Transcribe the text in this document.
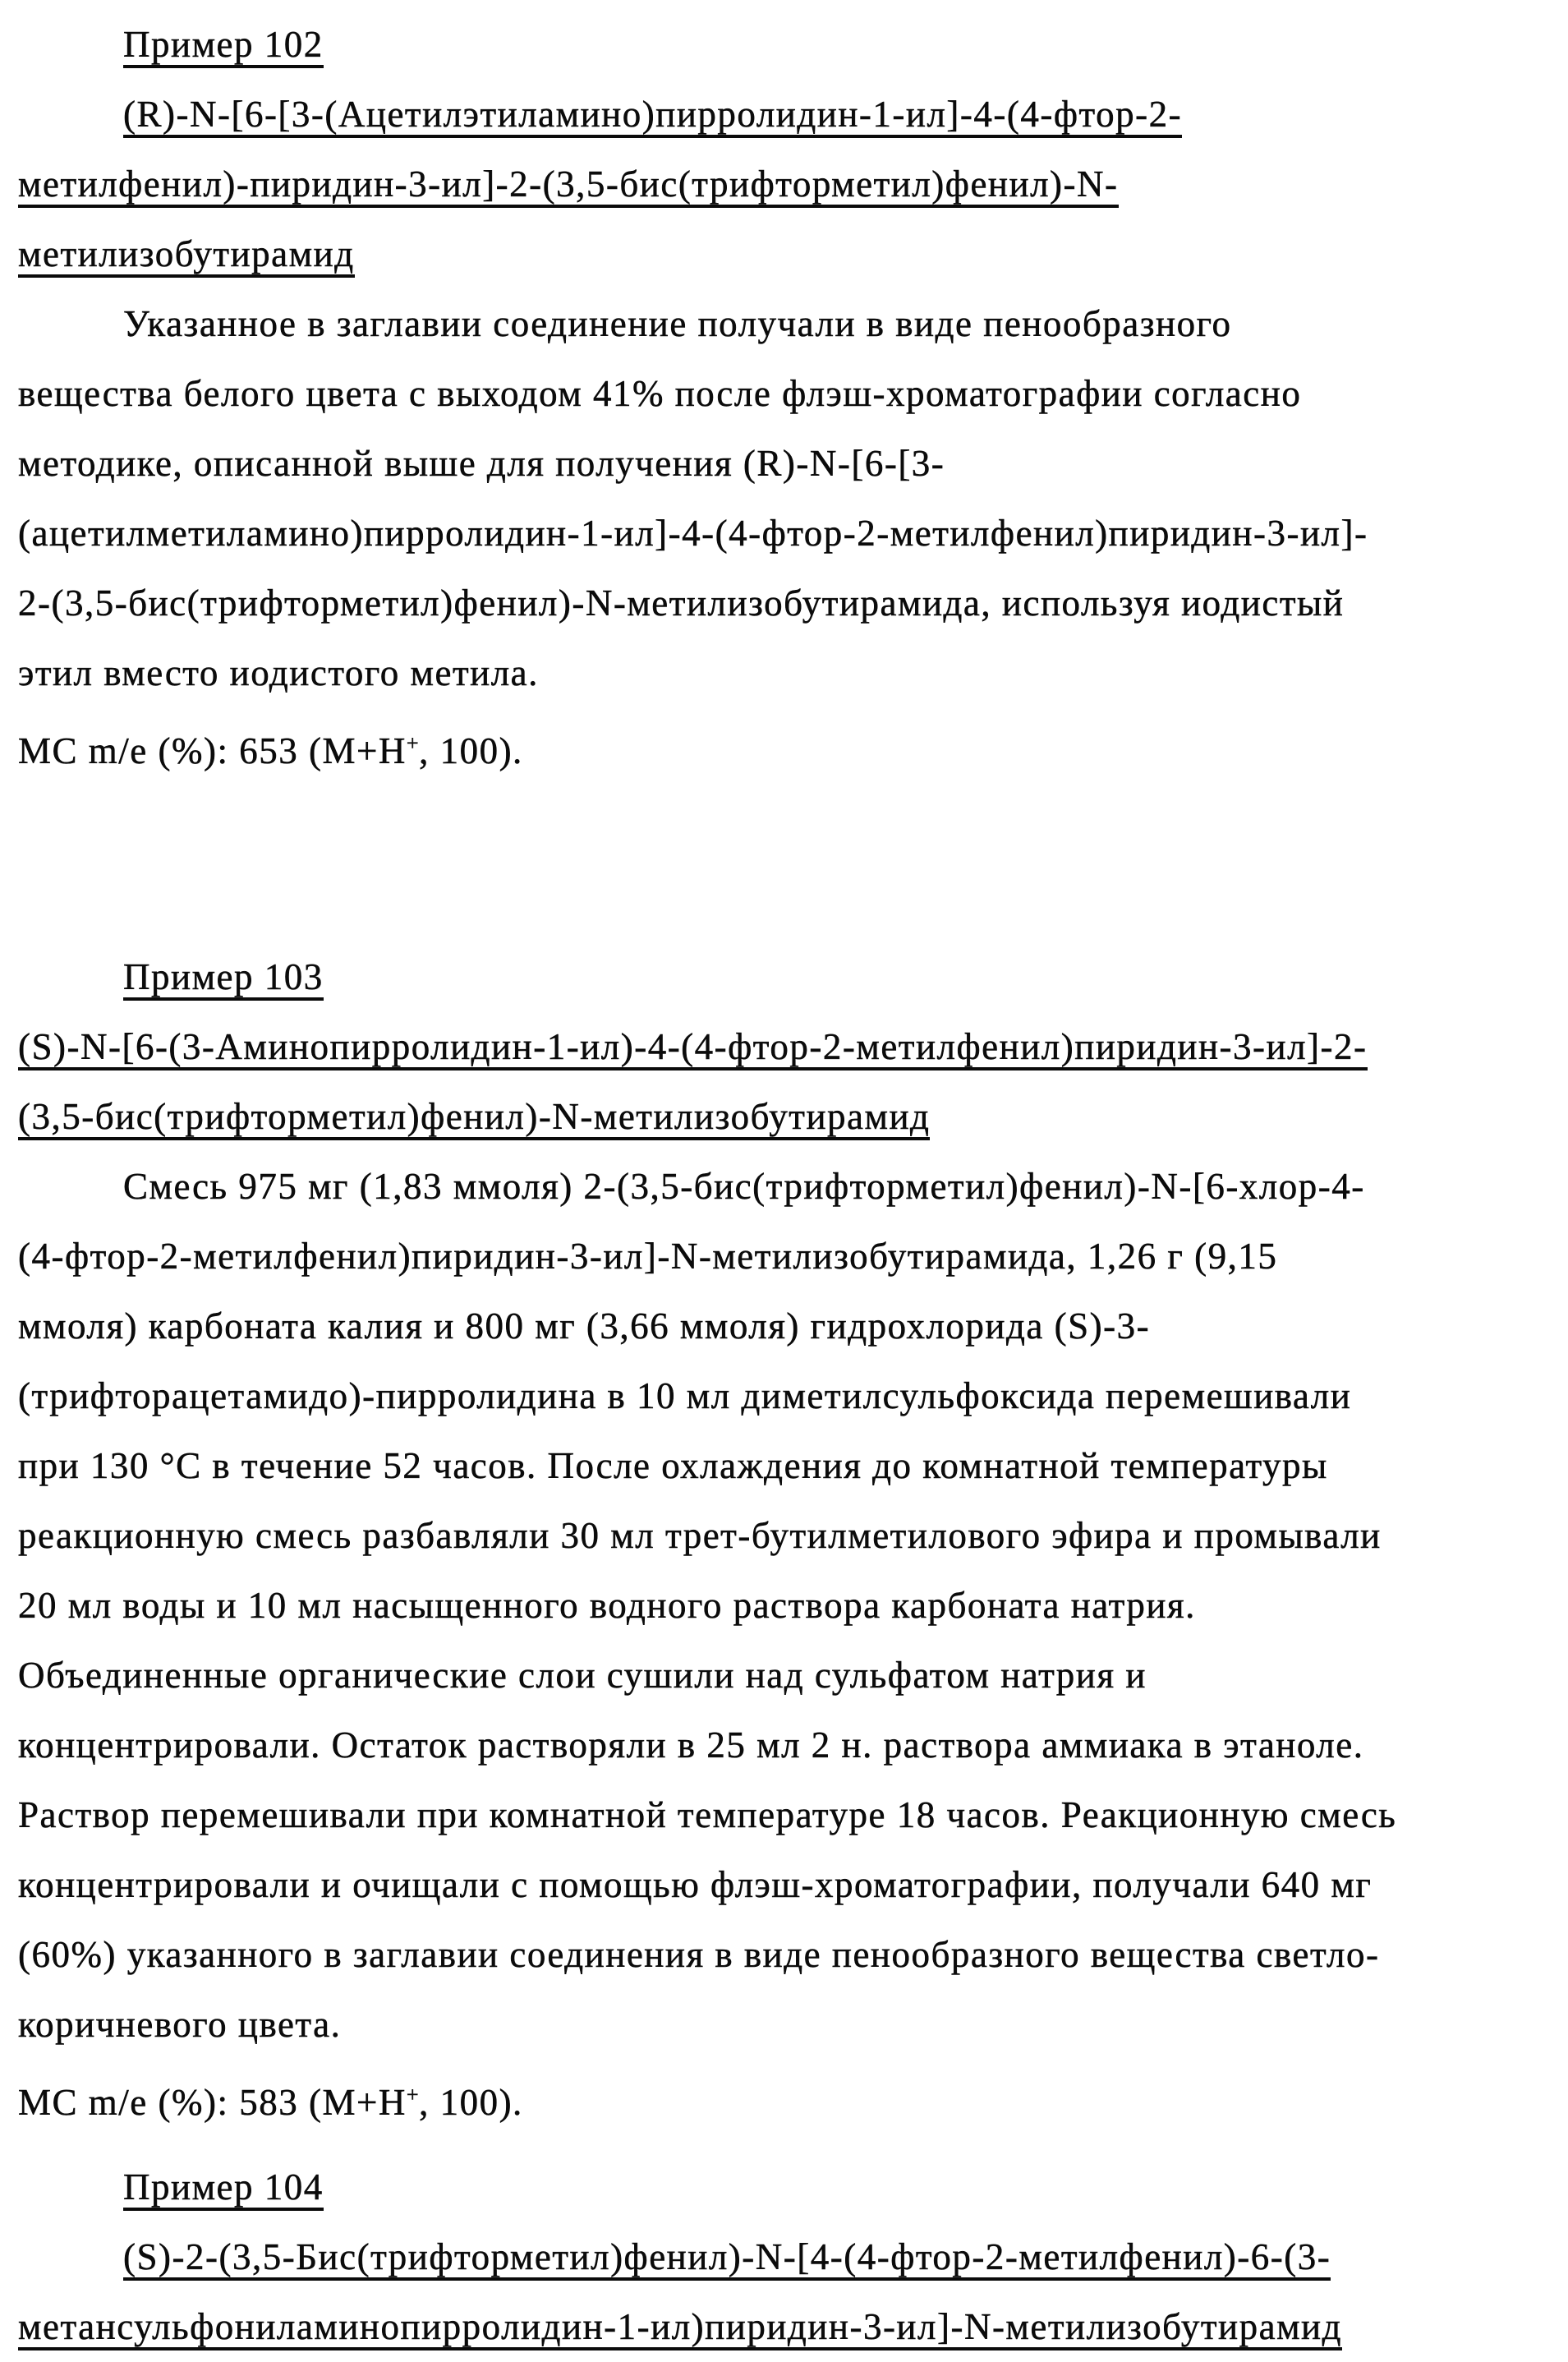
Пример 102
(R)-N-[6-[3-(Ацетилэтиламино)пирролидин-1-ил]-4-(4-фтор-2-
метилфенил)-пиридин-3-ил]-2-(3,5-бис(трифторметил)фенил)-N-
метилизобутирамид
Указанное в заглавии соединение получали в виде пенообразного
вещества белого цвета с выходом 41% после флэш-хроматографии согласно
методике, описанной выше для получения (R)-N-[6-[3-
(ацетилметиламино)пирролидин-1-ил]-4-(4-фтор-2-метилфенил)пиридин-3-ил]-
2-(3,5-бис(трифторметил)фенил)-N-метилизобутирамида, используя иодистый
этил вместо иодистого метила.
МС m/e (%): 653 (М+Н+, 100).
Пример 103
(S)-N-[6-(3-Аминопирролидин-1-ил)-4-(4-фтор-2-метилфенил)пиридин-3-ил]-2-
(3,5-бис(трифторметил)фенил)-N-метилизобутирамид
Смесь 975 мг (1,83 ммоля) 2-(3,5-бис(трифторметил)фенил)-N-[6-хлор-4-
(4-фтор-2-метилфенил)пиридин-3-ил]-N-метилизобутирамида, 1,26 г (9,15
ммоля) карбоната калия и 800 мг (3,66 ммоля) гидрохлорида (S)-3-
(трифторацетамидо)-пирролидина в 10 мл диметилсульфоксида перемешивали
при 130 °С в течение 52 часов. После охлаждения до комнатной температуры
реакционную смесь разбавляли 30 мл трет-бутилметилового эфира и промывали
20 мл воды и 10 мл насыщенного водного раствора карбоната натрия.
Объединенные органические слои сушили над сульфатом натрия и
концентрировали. Остаток растворяли в 25 мл 2 н. раствора аммиака в этаноле.
Раствор перемешивали при комнатной температуре 18 часов. Реакционную смесь
концентрировали и очищали с помощью флэш-хроматографии, получали 640 мг
(60%) указанного в заглавии соединения в виде пенообразного вещества светло-
коричневого цвета.
МС m/e (%): 583 (М+Н+, 100).
Пример 104
(S)-2-(3,5-Бис(трифторметил)фенил)-N-[4-(4-фтор-2-метилфенил)-6-(3-
метансульфониламинопирролидин-1-ил)пиридин-3-ил]-N-метилизобутирамид
